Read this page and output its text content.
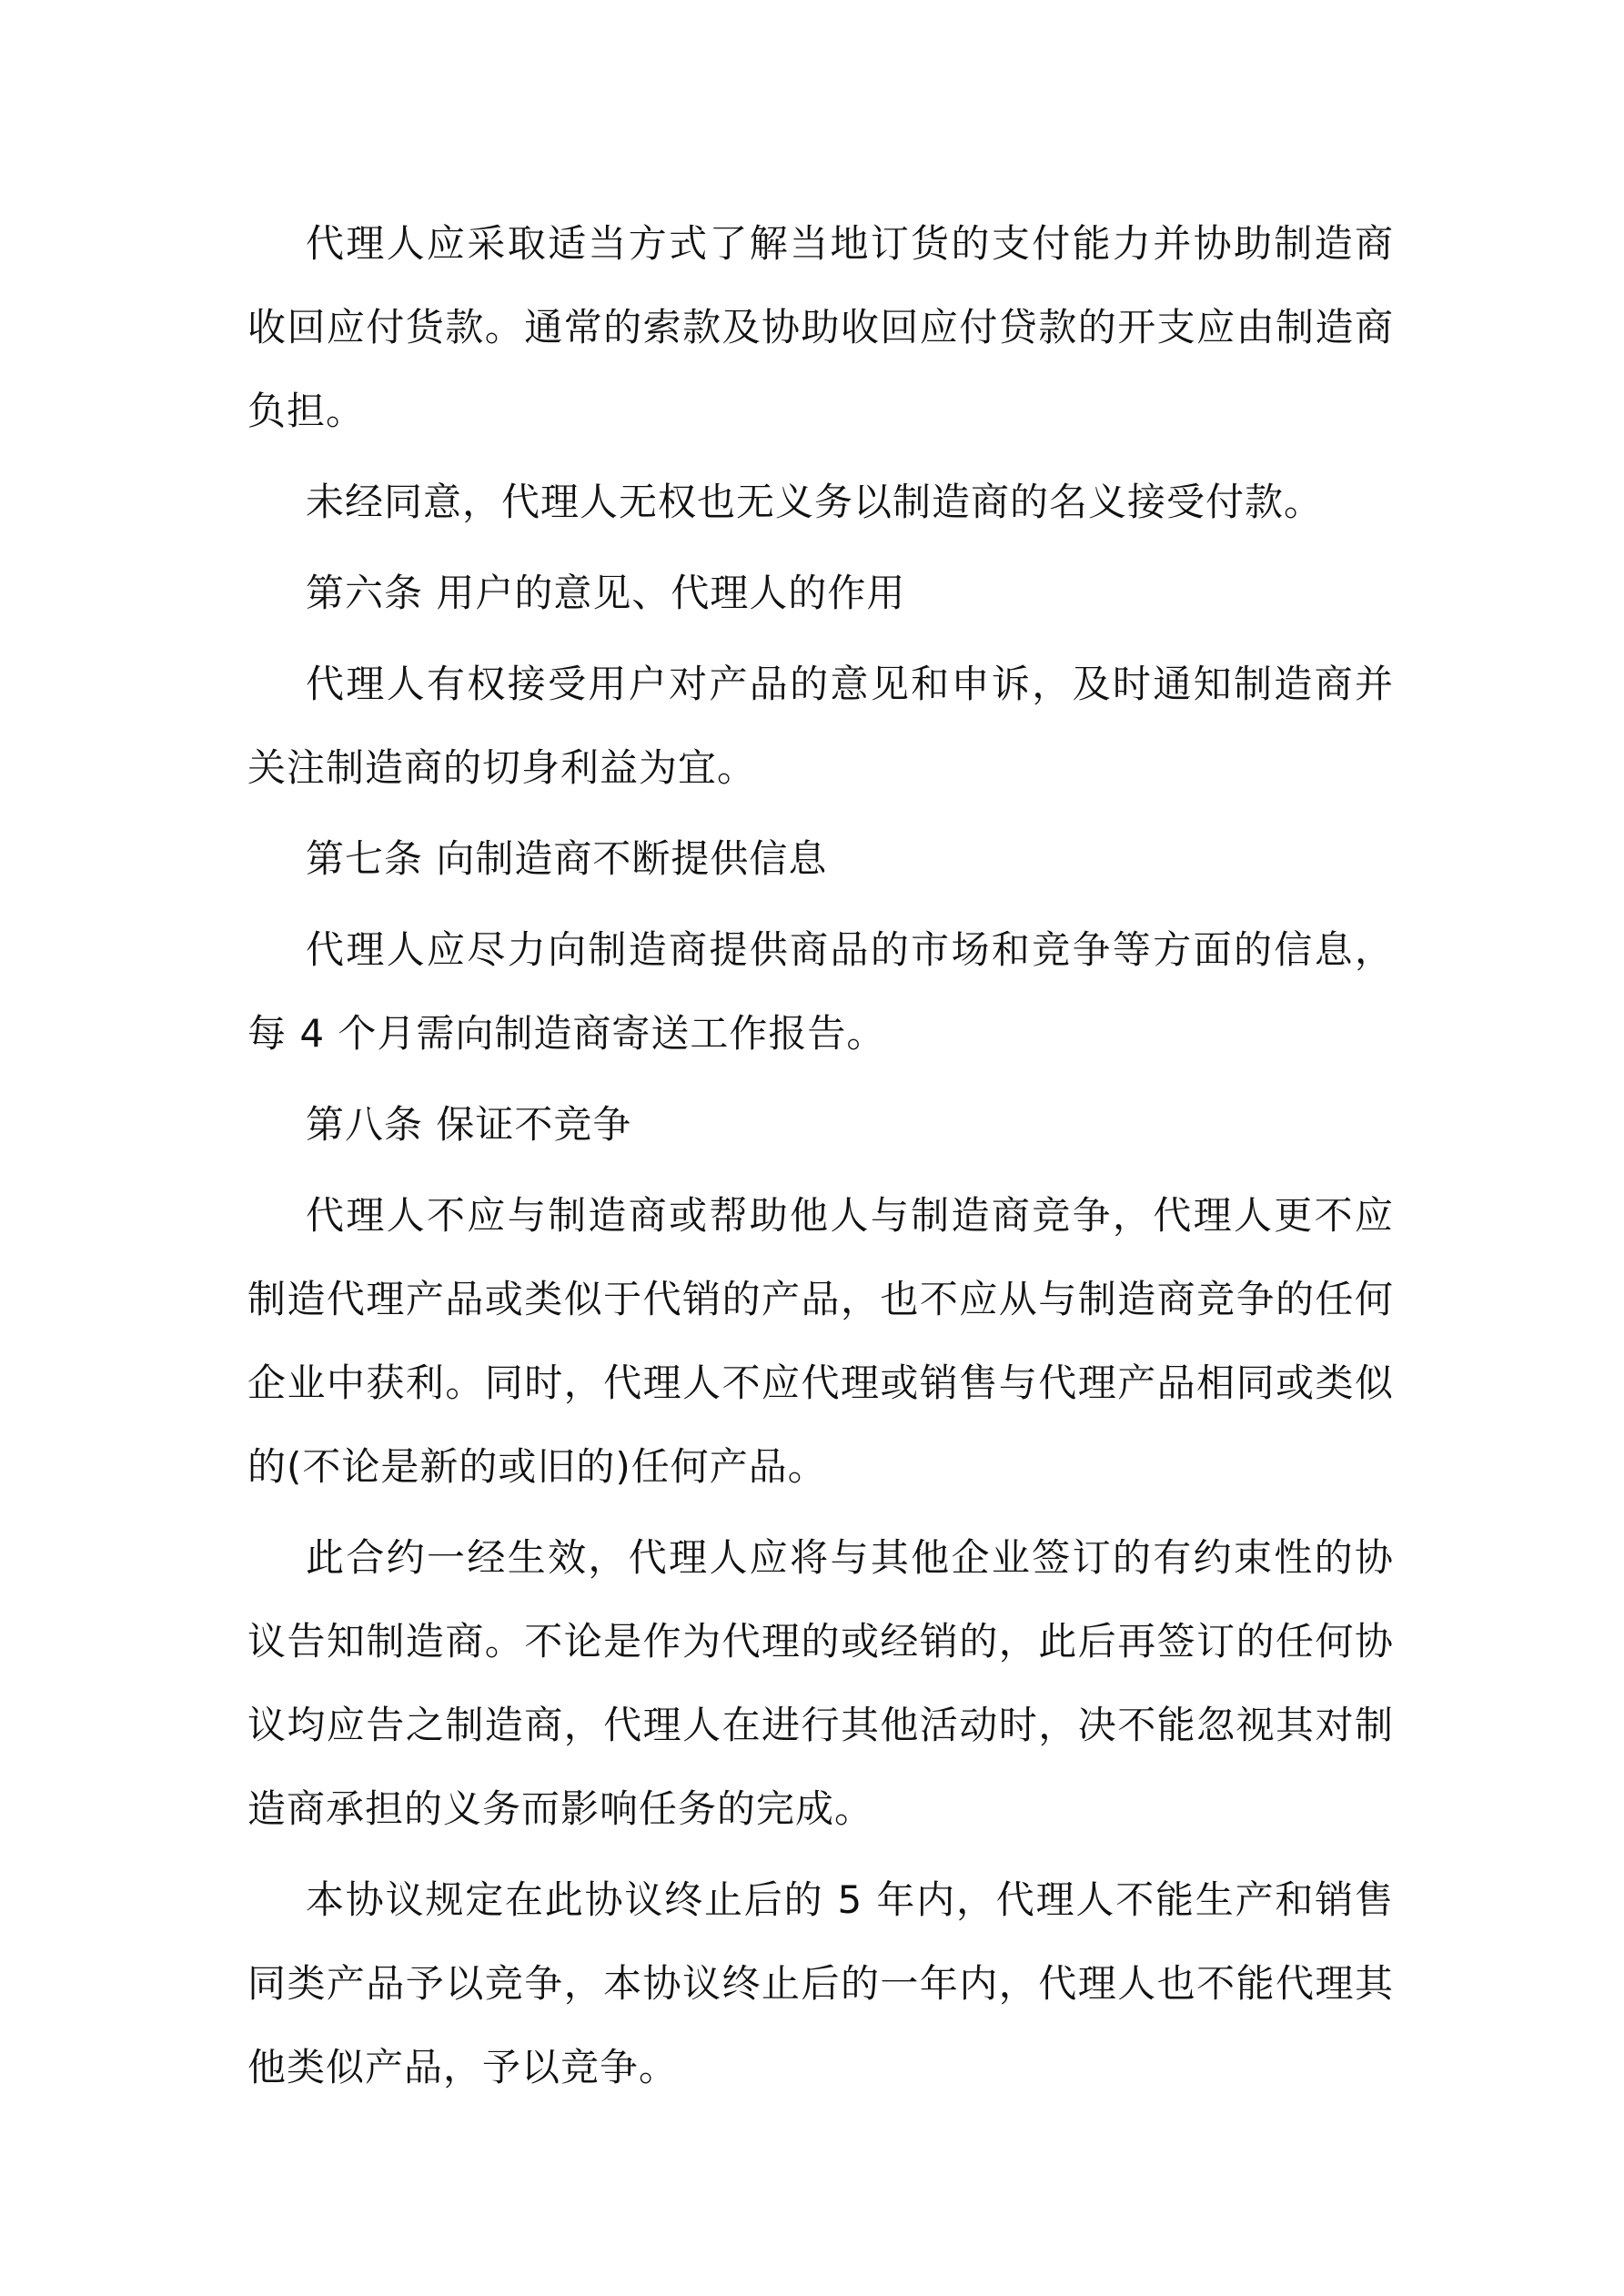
代理人应采取适当方式了解当地订货的支付能力并协助制造商收回应付货款。通常的索款及协助收回应付贷款的开支应由制造商负担。

未经同意，代理人无权也无义务以制造商的名义接受付款。

第六条 用户的意见、代理人的作用

代理人有权接受用户对产品的意见和申诉，及时通知制造商并关注制造商的切身利益为宜。

第七条 向制造商不断提供信息

代理人应尽力向制造商提供商品的市场和竞争等方面的信息，每 4 个月需向制造商寄送工作报告。

第八条 保证不竞争

代理人不应与制造商或帮助他人与制造商竞争，代理人更不应制造代理产品或类似于代销的产品，也不应从与制造商竞争的任何企业中获利。同时，代理人不应代理或销售与代理产品相同或类似的(不论是新的或旧的)任何产品。

此合约一经生效，代理人应将与其他企业签订的有约束性的协议告知制造商。不论是作为代理的或经销的，此后再签订的任何协议均应告之制造商，代理人在进行其他活动时，决不能忽视其对制造商承担的义务而影响任务的完成。

本协议规定在此协议终止后的 5 年内，代理人不能生产和销售同类产品予以竞争，本协议终止后的一年内，代理人也不能代理其他类似产品，予以竞争。
